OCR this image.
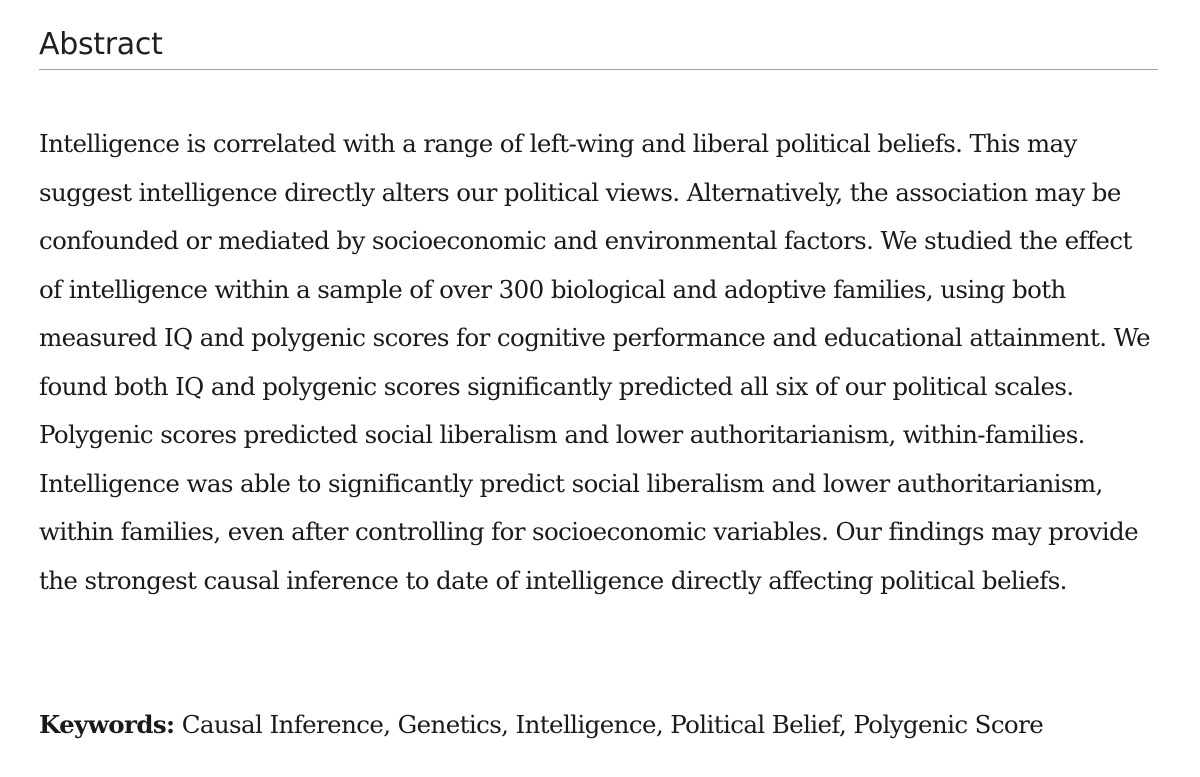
Abstract

Intelligence is correlated with a range of left-wing and liberal political beliefs. This may suggest intelligence directly alters our political views. Alternatively, the association may be confounded or mediated by socioeconomic and environmental factors. We studied the effect of intelligence within a sample of over 300 biological and adoptive families, using both measured IQ and polygenic scores for cognitive performance and educational attainment. We found both IQ and polygenic scores significantly predicted all six of our political scales. Polygenic scores predicted social liberalism and lower authoritarianism, within-families. Intelligence was able to significantly predict social liberalism and lower authoritarianism, within families, even after controlling for socioeconomic variables. Our findings may provide the strongest causal inference to date of intelligence directly affecting political beliefs.

Keywords: Causal Inference, Genetics, Intelligence, Political Belief, Polygenic Score
